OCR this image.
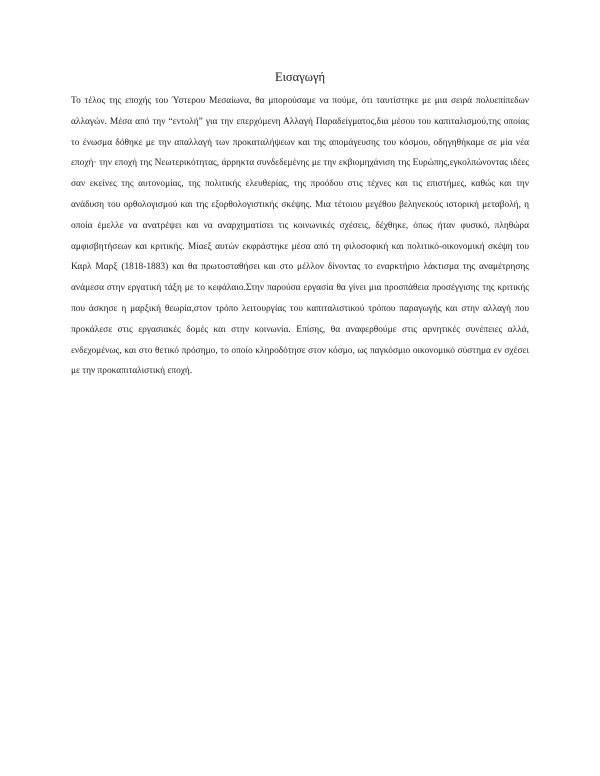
Εισαγωγή

Το τέλος της εποχής του Ύστερου Μεσαίωνα, θα μπορούσαμε να πούμε, ότι ταυτίστηκε με μια σειρά πολυεπίπεδων αλλαγών. Μέσα από την “εντολή” για την επερχόμενη Αλλαγή Παραδείγματος,δια μέσου του καπιταλισμού,της οποίας το ένωσμα δόθηκε με την απαλλαγή των προκαταλήψεων και της απομάγευσης του κόσμου, οδηγηθήκαμε σε μία νέα εποχή· την εποχή της Νεωτερικότητας, άρρηκτα συνδεδεμένης με την εκβιομηχάνιση της Ευρώπης,εγκολπώνοντας ιδέες σαν εκείνες της αυτονομίας, της πολιτικής ελευθερίας, της προόδου στις τέχνες και τις επιστήμες, καθώς και την ανάδυση του ορθολογισμού και της εξορθολογιστικής σκέψης. Μια τέτοιου μεγέθου βεληνεκούς ιστορική μεταβολή, η οποία έμελλε να ανατρέψει και να αναρχηματίσει τις κοινωνικές σχέσεις, δέχθηκε, όπως ήταν φυσικό, πληθώρα αμφισβητήσεων και κριτικής. Μίαεξ αυτών εκφράστηκε μέσα από τη φιλοσοφική και πολιτικό-οικονομική σκέψη του Καρλ Μαρξ (1818-1883) και θα πρωτοσταθήσει και στο μέλλον δίνοντας το εναρκτήριο λάκτισμα της αναμέτρησης ανάμεσα στην εργατική τάξη με το κεφάλαιο.Στην παρούσα εργασία θα γίνει μια προσπάθεια προσέγγισης της κριτικής που άσκησε η μαρξική θεωρία,στον τρόπο λειτουργίας του καπιταλιστικού τρόπου παραγωγής και στην αλλαγή που προκάλεσε στις εργασιακές δομές και στην κοινωνία. Επίσης, θα αναφερθούμε στις αρνητικές συνέπειες αλλά, ενδεχομένως, και στο θετικό πρόσημο, το οποίο κληροδότησε στον κόσμο, ως παγκόσμιο οικονομικό σύστημα εν σχέσει με την προκαπιταλιστική εποχή.
